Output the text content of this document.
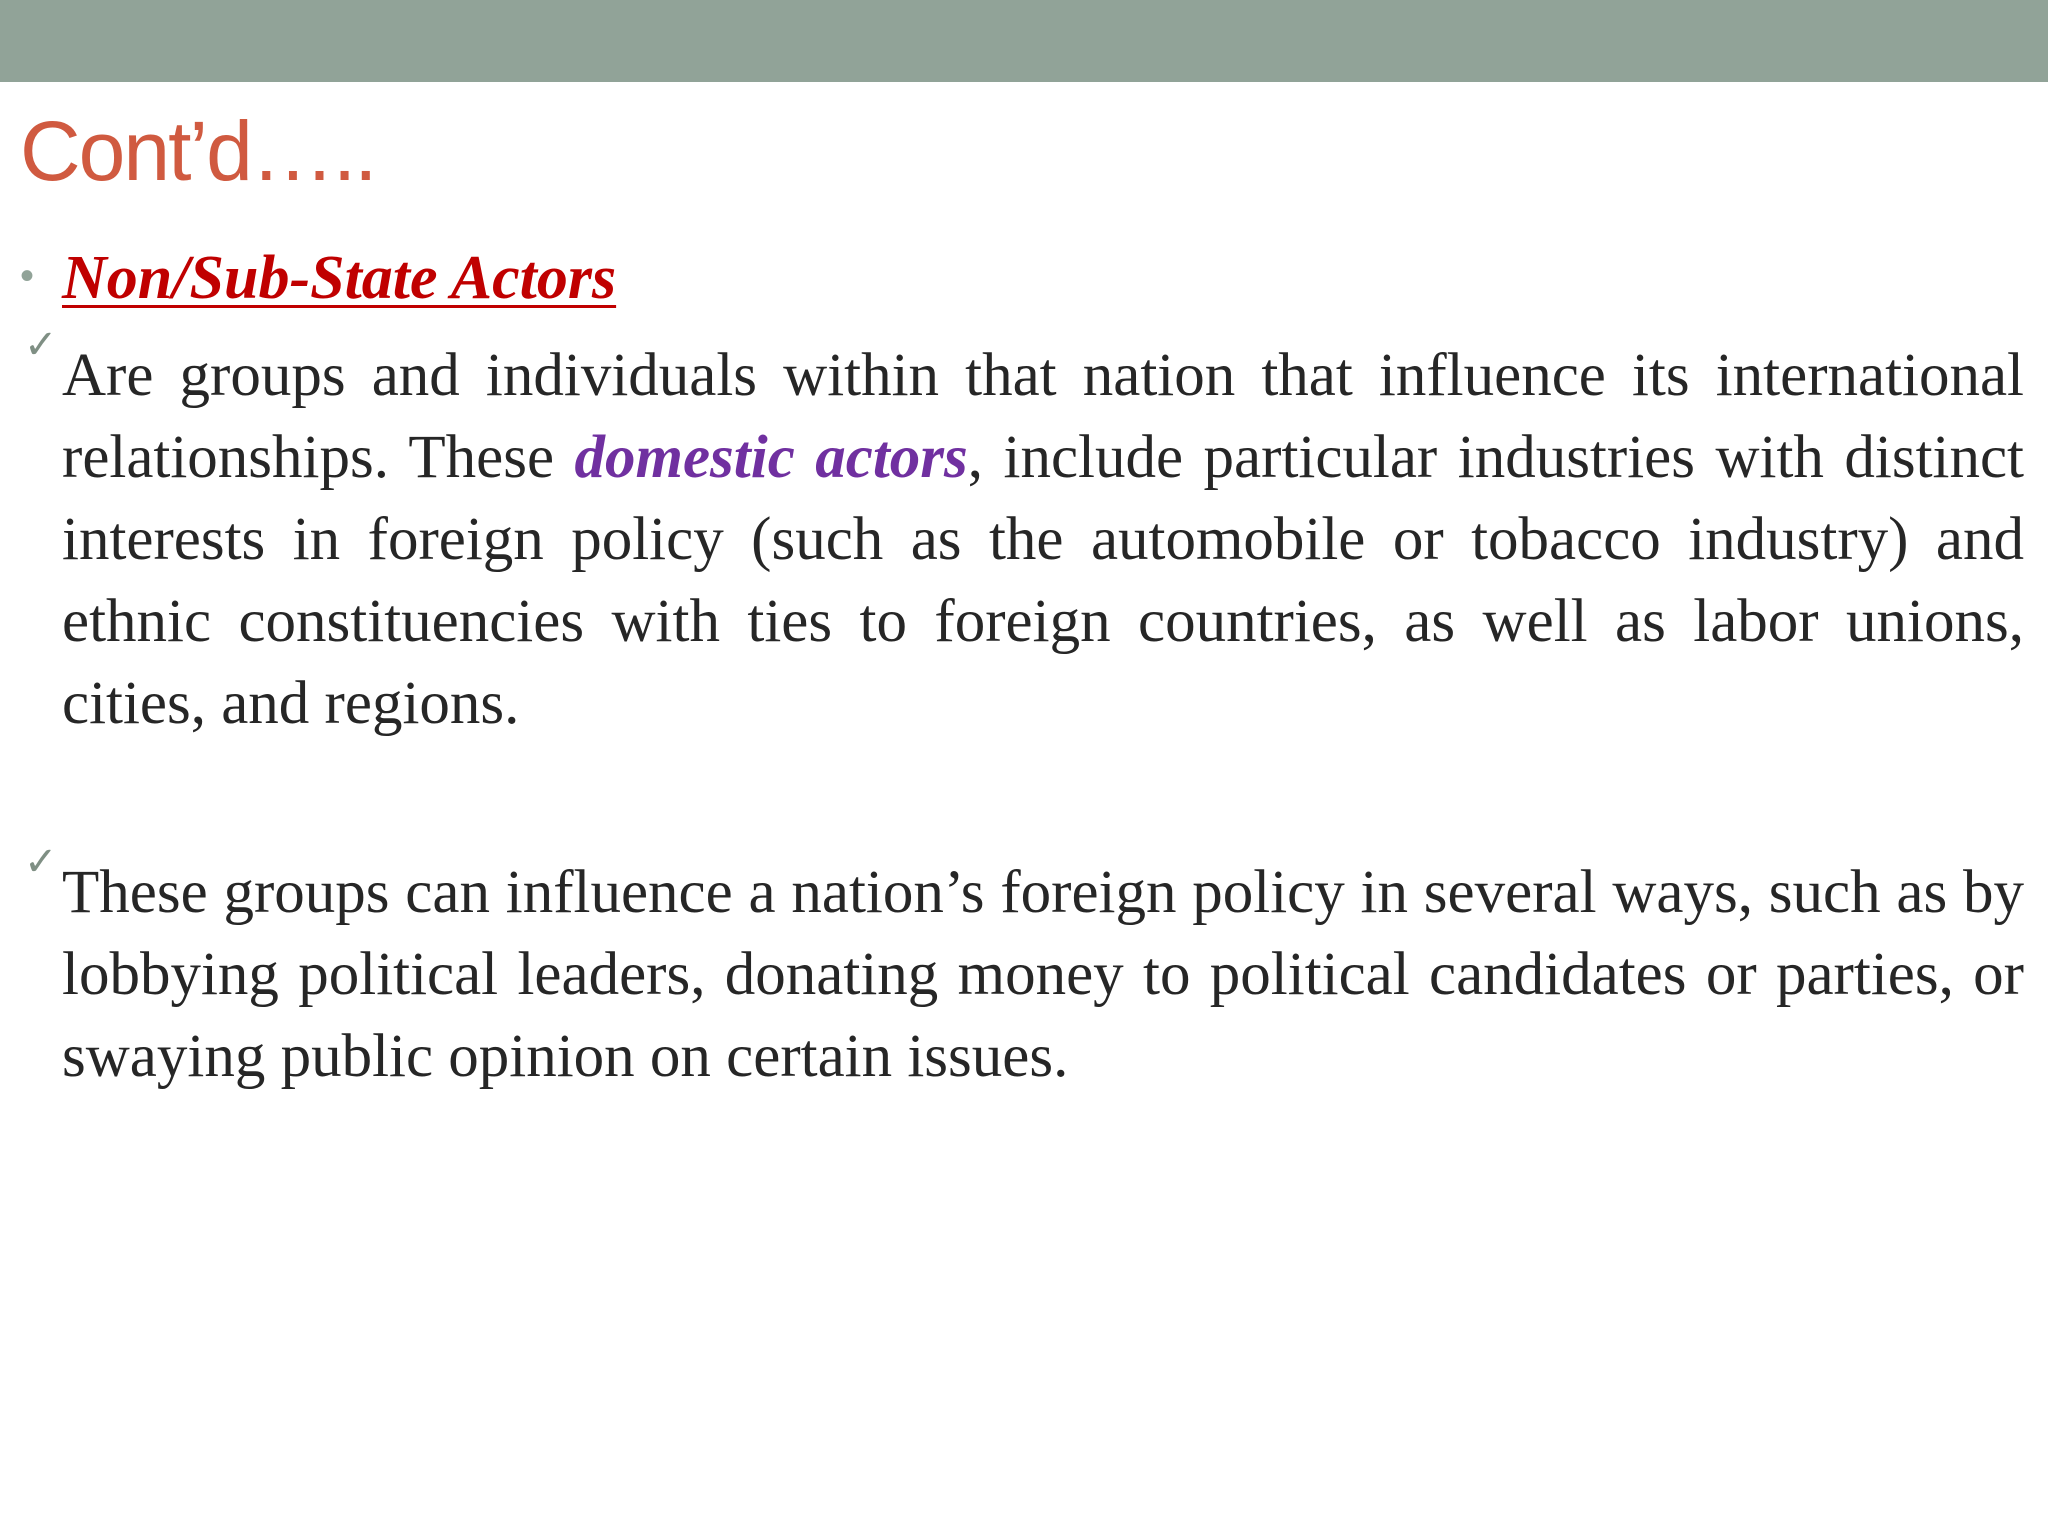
Cont’d…..
• Non/Sub-State Actors

✓ Are groups and individuals within that nation that influence its international relationships. These domestic actors, include particular industries with distinct interests in foreign policy (such as the automobile or tobacco industry) and ethnic constituencies with ties to foreign countries, as well as labor unions, cities, and regions.

✓ These groups can influence a nation’s foreign policy in several ways, such as by lobbying political leaders, donating money to political candidates or parties, or swaying public opinion on certain issues.
